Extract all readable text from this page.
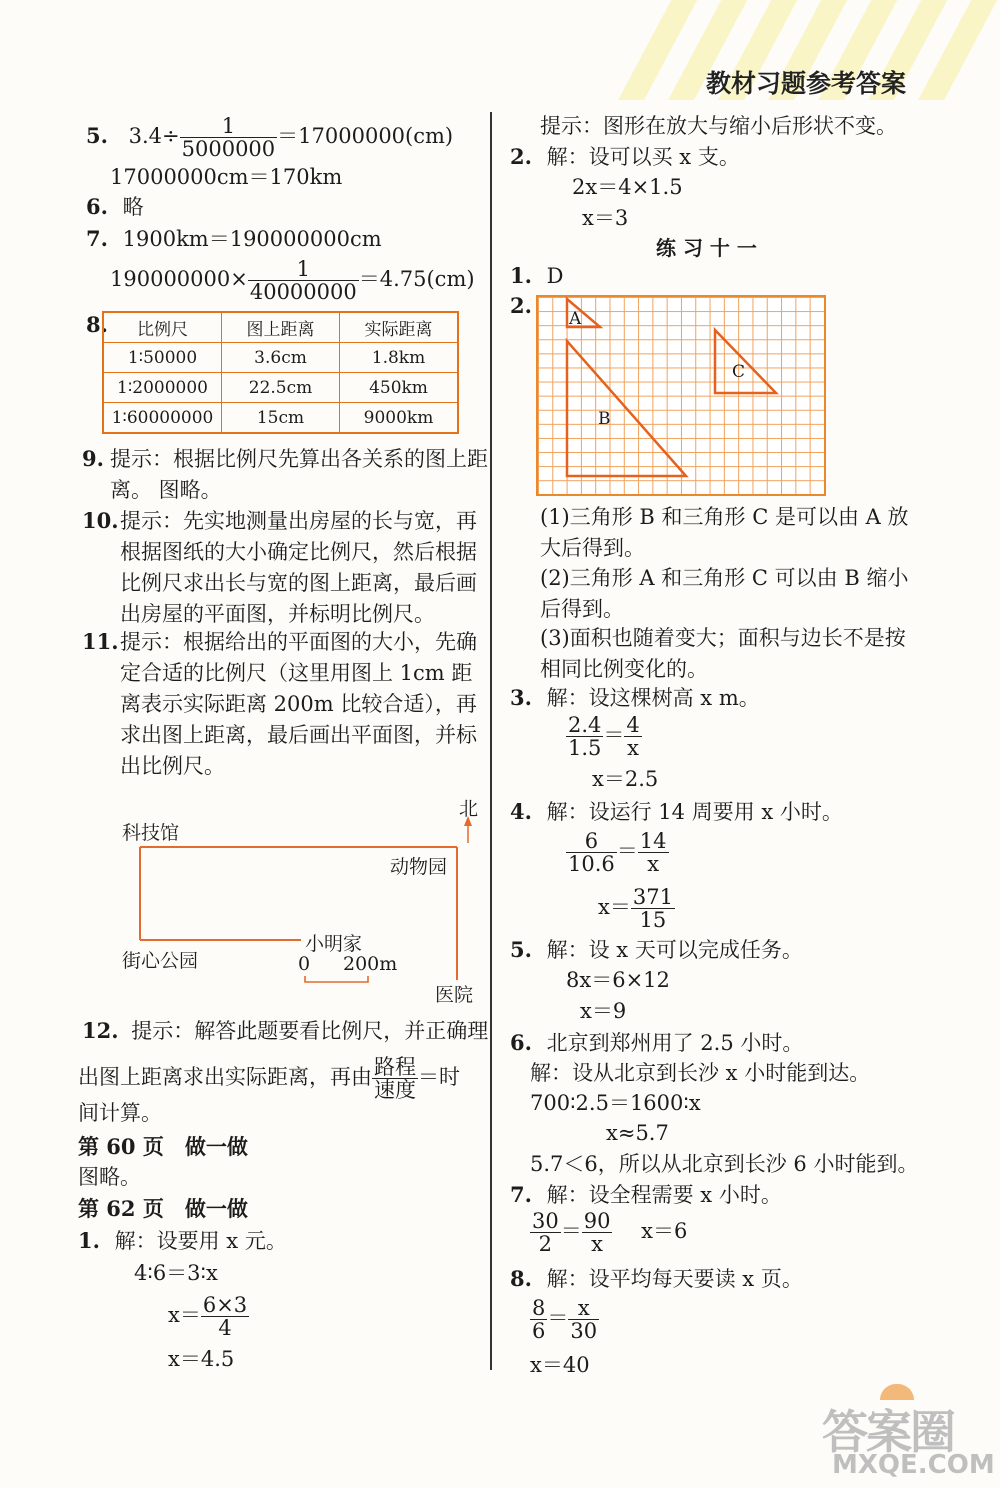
教材习题参考答案
5. $3.4\div \frac{1}{5000000} =17000000(cm)$
17000000cm＝170km
6. 略
7. 1900km＝190000000cm
$190000000\times \frac{1}{40000000} =4.75(cm)$
8. 比例尺	图上距离	实际距离
1∶50000	3.6cm	1.8km
1∶2000000	22.5cm	450km
1∶60000000	15cm	9000km
9. 提示：根据比例尺先算出各关系的图上距离。 图略。
10. 提示：先实地测量出房屋的长与宽，再根据图纸的大小确定比例尺，然后根据比例尺求出长与宽的图上距离，最后画出房屋的平面图，并标明比例尺。
11. 提示：根据给出的平面图的大小，先确定合适的比例尺（这里用图上 1cm 距离表示实际距离 200m 比较合适），再求出图上距离，最后画出平面图，并标出比例尺。
北
科技馆
动物园
街心公园
小明家
0 200m
医院
12. 提示：解答此题要看比例尺，并正确理
出图上距离求出实际距离，再由 $\frac{\text{路程}}{\text{速度}}$ ＝时
间计算。
第 60 页　做一做
图略。
第 62 页　做一做
1. 解：设要用 x 元。
4∶6＝3∶x
$x= \frac{6\times 3}{4}$
x＝4.5
提示：图形在放大与缩小后形状不变。
2. 解：设可以买 x 支。
2x＝4×1.5
x＝3
练 习 十 一
1. D
2.
A
B
C
(1)三角形 B 和三角形 C 是可以由 A 放大后得到。
(2)三角形 A 和三角形 C 可以由 B 缩小后得到。
(3)面积也随着变大；面积与边长不是按相同比例变化的。
3. 解：设这棵树高 x m。
$\frac{2.4}{1.5} = \frac{4}{x}$
x＝2.5
4. 解：设运行 14 周要用 x 小时。
$\frac{6}{10.6} = \frac{14}{x}$
$x= \frac{371}{15}$
5. 解：设 x 天可以完成任务。
8x＝6×12
x＝9
6. 北京到郑州用了 2.5 小时。
解：设从北京到长沙 x 小时能到达。
700∶2.5＝1600∶x
x≈5.7
5.7＜6，所以从北京到长沙 6 小时能到。
7. 解：设全程需要 x 小时。
$\frac{30}{2} = \frac{90}{x} x=6$
8. 解：设平均每天要读 x 页。
$\frac{8}{6} = \frac{x}{30}$
x＝40
答案圈
MXQE.COM
